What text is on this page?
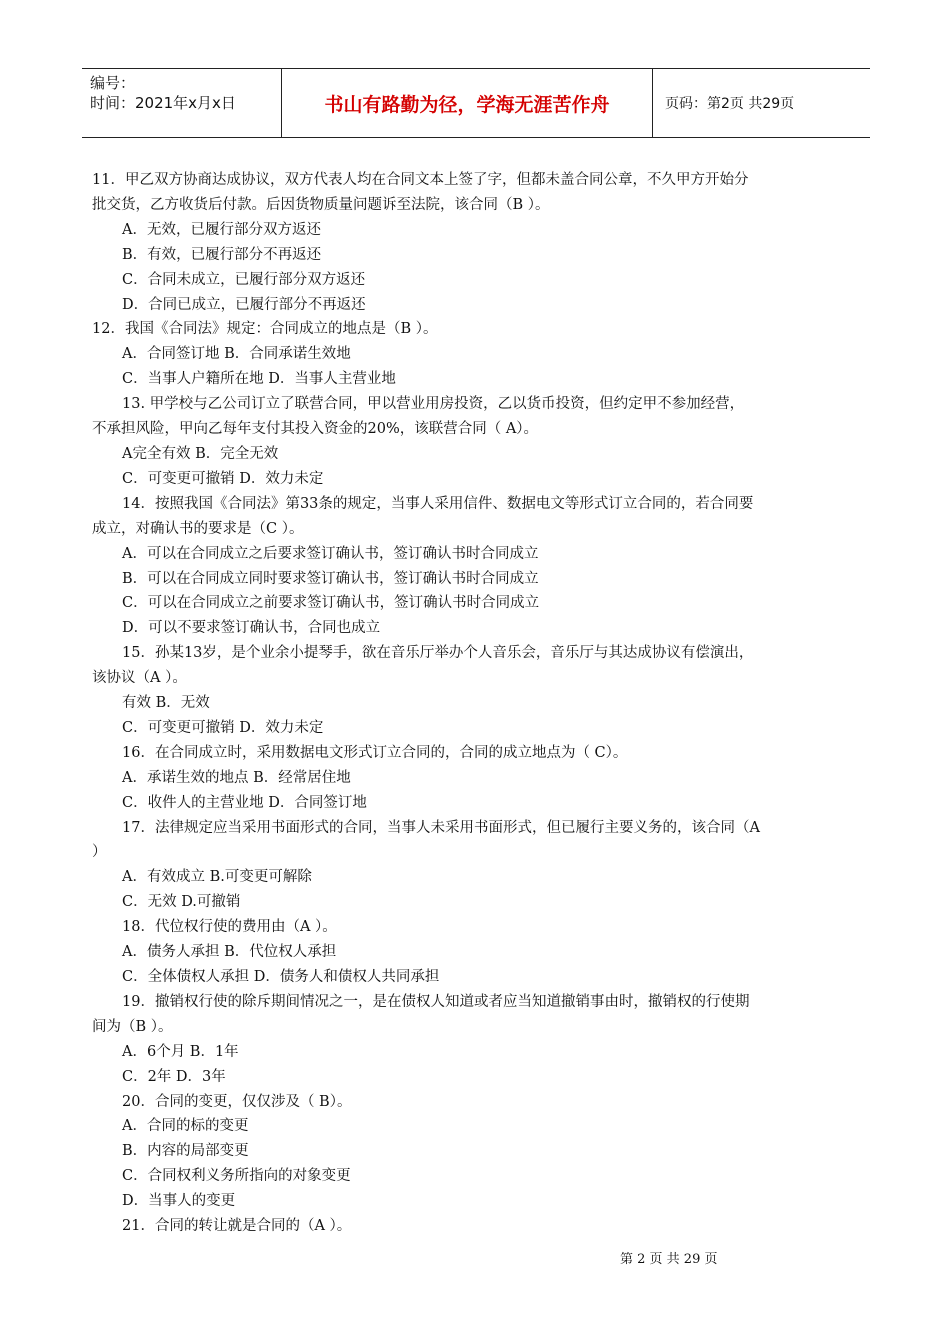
编号：
时间：2021年x月x日	书山有路勤为径，学海无涯苦作舟	页码：第2页 共29页
11．甲乙双方协商达成协议，双方代表人均在合同文本上签了字，但都未盖合同公章，不久甲方开始分
批交货，乙方收货后付款。后因货物质量问题诉至法院，该合同（B ）。
A．无效，已履行部分双方返还
B．有效，已履行部分不再返还
C．合同未成立，已履行部分双方返还
D．合同已成立，已履行部分不再返还
12．我国《合同法》规定：合同成立的地点是（B ）。
A．合同签订地 B．合同承诺生效地
C．当事人户籍所在地 D．当事人主营业地
13. 甲学校与乙公司订立了联营合同，甲以营业用房投资，乙以货币投资，但约定甲不参加经营，
不承担风险，甲向乙每年支付其投入资金的20%，该联营合同（ A）。
A完全有效 B．完全无效
C．可变更可撤销 D．效力未定
14．按照我国《合同法》第33条的规定，当事人采用信件、数据电文等形式订立合同的，若合同要
成立，对确认书的要求是（C ）。
A．可以在合同成立之后要求签订确认书，签订确认书时合同成立
B．可以在合同成立同时要求签订确认书，签订确认书时合同成立
C．可以在合同成立之前要求签订确认书，签订确认书时合同成立
D．可以不要求签订确认书，合同也成立
15．孙某13岁，是个业余小提琴手，欲在音乐厅举办个人音乐会，音乐厅与其达成协议有偿演出，
该协议（A ）。
有效 B．无效
C．可变更可撤销 D．效力未定
16．在合同成立时，采用数据电文形式订立合同的，合同的成立地点为（ C）。
A．承诺生效的地点 B．经常居住地
C．收件人的主营业地 D．合同签订地
17．法律规定应当采用书面形式的合同，当事人未采用书面形式，但已履行主要义务的，该合同（A
）
A．有效成立 B.可变更可解除
C．无效 D.可撤销
18．代位权行使的费用由（A ）。
A．债务人承担 B．代位权人承担
C．全体债权人承担 D．债务人和债权人共同承担
19．撤销权行使的除斥期间情况之一，是在债权人知道或者应当知道撤销事由时，撤销权的行使期
间为（B ）。
A．6个月 B．1年
C．2年 D．3年
20．合同的变更，仅仅涉及（ B）。
A．合同的标的变更
B．内容的局部变更
C．合同权利义务所指向的对象变更
D．当事人的变更
21．合同的转让就是合同的（A ）。
第 2 页 共 29 页
